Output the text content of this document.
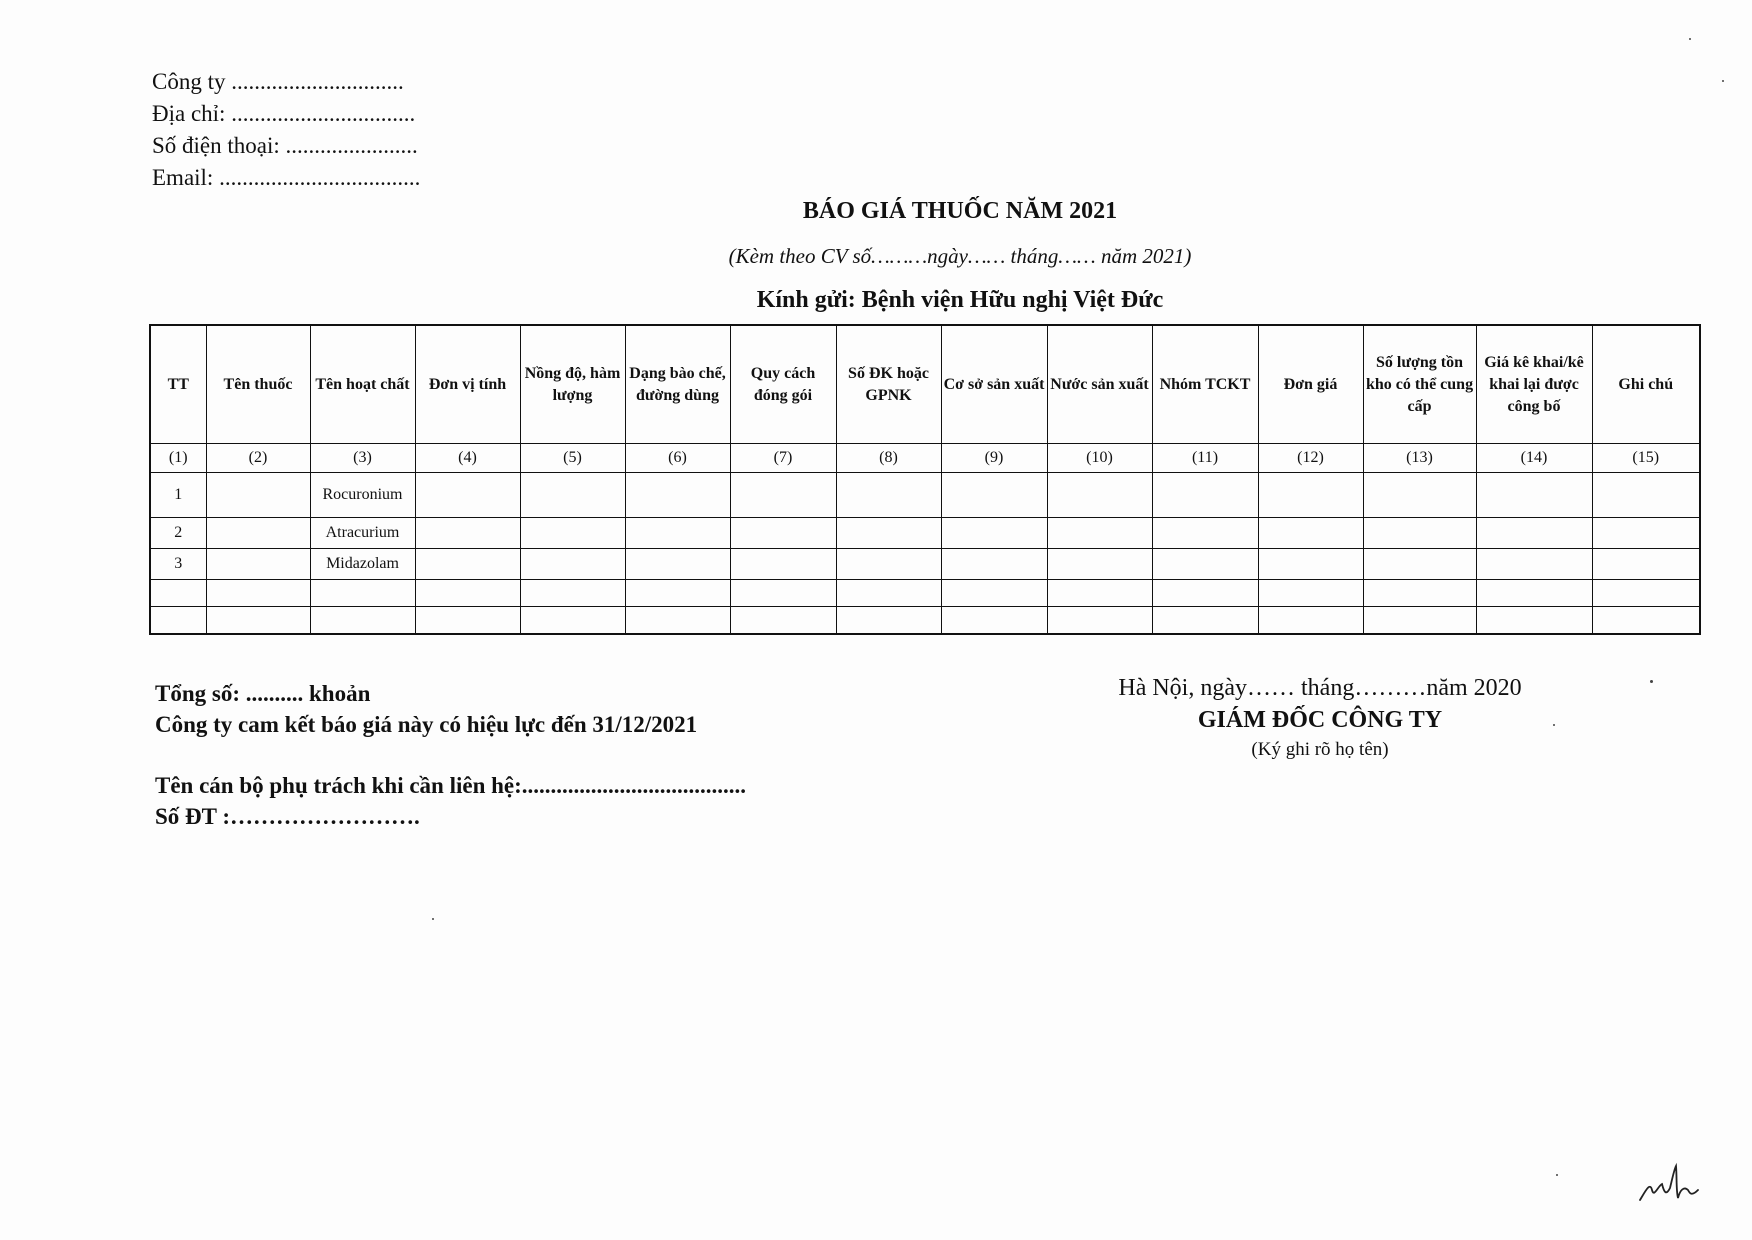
Công ty ..............................
Địa chỉ: ................................
Số điện thoại: .......................
Email: ...................................
BÁO GIÁ THUỐC NĂM 2021
(Kèm theo CV số………ngày…… tháng…… năm 2021)
Kính gửi: Bệnh viện Hữu nghị Việt Đức
TT	Tên thuốc	Tên hoạt chất	Đơn vị tính	Nồng độ, hàm lượng	Dạng bào chế, đường dùng	Quy cách đóng gói	Số ĐK hoặc GPNK	Cơ sở sản xuất	Nước sản xuất	Nhóm TCKT	Đơn giá	Số lượng tồn kho có thể cung cấp	Giá kê khai/kê khai lại được công bố	Ghi chú
(1)	(2)	(3)	(4)	(5)	(6)	(7)	(8)	(9)	(10)	(11)	(12)	(13)	(14)	(15)
1		Rocuronium												
2		Atracurium												
3		Midazolam												

Tổng số: .......... khoản
Công ty cam kết báo giá này có hiệu lực đến 31/12/2021
Tên cán bộ phụ trách khi cần liên hệ:.......................................
Số ĐT :…………………….
Hà Nội, ngày…… tháng………năm 2020
GIÁM ĐỐC CÔNG TY
(Ký ghi rõ họ tên)
